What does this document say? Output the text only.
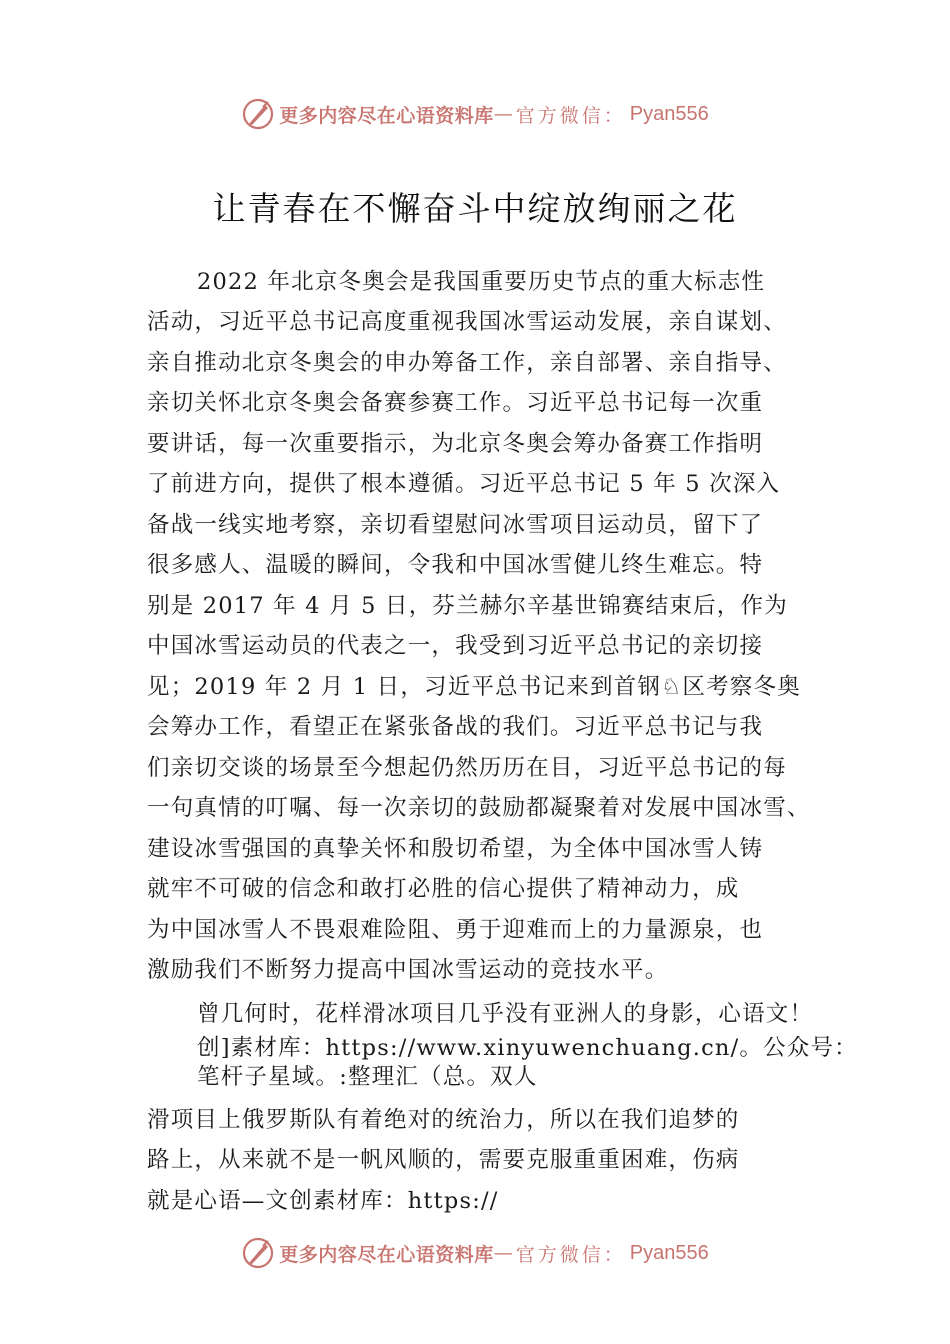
更多内容尽在心语资料库 — 官方微信： Pyan556
让青春在不懈奋斗中绽放绚丽之花
2022 年北京冬奥会是我国重要历史节点的重大标志性
活动，习近平总书记高度重视我国冰雪运动发展，亲自谋划、
亲自推动北京冬奥会的申办筹备工作，亲自部署、亲自指导、
亲切关怀北京冬奥会备赛参赛工作。习近平总书记每一次重
要讲话，每一次重要指示，为北京冬奥会筹办备赛工作指明
了前进方向，提供了根本遵循。习近平总书记 5 年 5 次深入
备战一线实地考察，亲切看望慰问冰雪项目运动员，留下了
很多感人、温暖的瞬间，令我和中国冰雪健儿终生难忘。特
别是 2017 年 4 月 5 日，芬兰赫尔辛基世锦赛结束后，作为
中国冰雪运动员的代表之一，我受到习近平总书记的亲切接
见；2019 年 2 月 1 日，习近平总书记来到首钢♘区考察冬奥
会筹办工作，看望正在紧张备战的我们。习近平总书记与我
们亲切交谈的场景至今想起仍然历历在目，习近平总书记的每
一句真情的叮嘱、每一次亲切的鼓励都凝聚着对发展中国冰雪、
建设冰雪强国的真挚关怀和殷切希望，为全体中国冰雪人铸
就牢不可破的信念和敢打必胜的信心提供了精神动力，成
为中国冰雪人不畏艰难险阻、勇于迎难而上的力量源泉，也
激励我们不断努力提高中国冰雪运动的竞技水平。
曾几何时，花样滑冰项目几乎没有亚洲人的身影，心语文！
创]素材库：https://www.xinyuwenchuang.cn/。公众号：
笔杆子星域。:整理汇（总。双人
滑项目上俄罗斯队有着绝对的统治力，所以在我们追梦的
路上，从来就不是一帆风顺的，需要克服重重困难，伤病
就是心语—文创素材库：https://
更多内容尽在心语资料库 — 官方微信： Pyan556
